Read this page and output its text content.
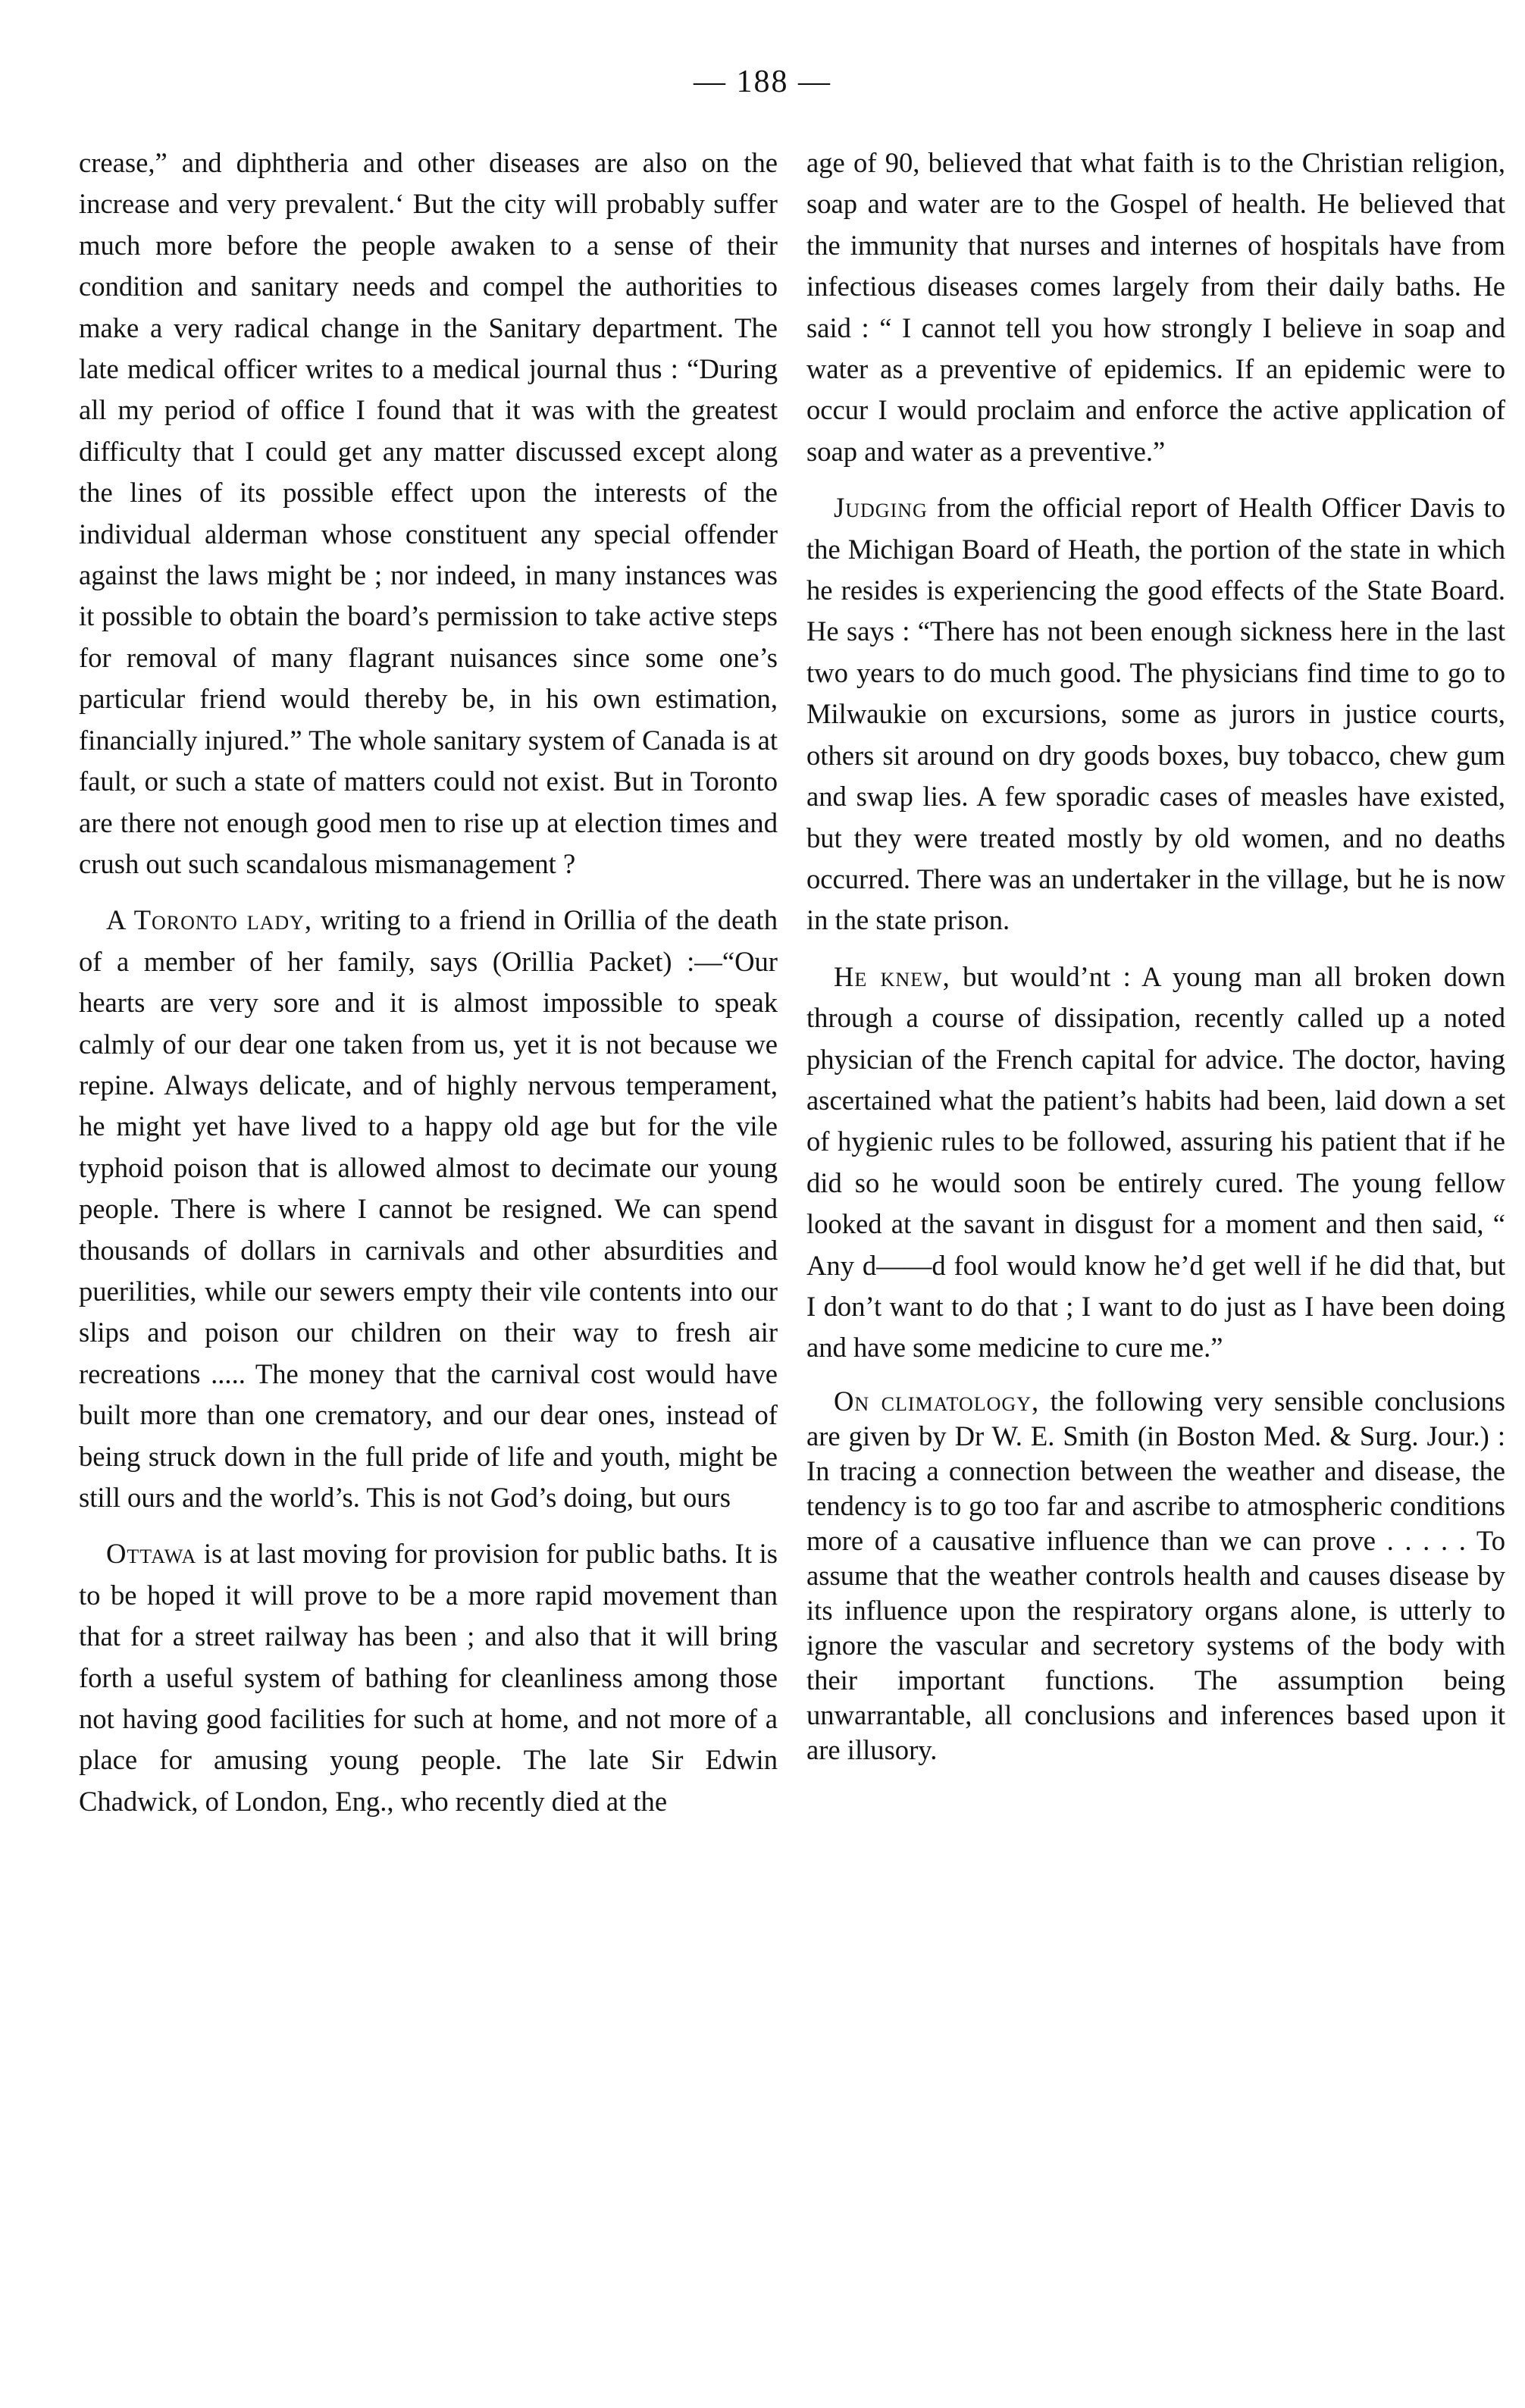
— 188 —

crease,” and diphtheria and other diseases are also on the increase and very prevalent.‘ But the city will probably suffer much more before the people awaken to a sense of their condition and sanitary needs and compel the authorities to make a very radical change in the Sanitary department. The late medical officer writes to a medical journal thus : “During all my period of office I found that it was with the greatest difficulty that I could get any matter discussed except along the lines of its possible effect upon the interests of the individual alderman whose constituent any special offender against the laws might be ; nor indeed, in many instances was it possible to obtain the board’s permission to take active steps for removal of many flagrant nuisances since some one’s particular friend would thereby be, in his own estimation, financially injured.” The whole sanitary system of Canada is at fault, or such a state of matters could not exist. But in Toronto are there not enough good men to rise up at election times and crush out such scandalous mismanagement ?

A Toronto lady, writing to a friend in Orillia of the death of a member of her family, says (Orillia Packet) :—“Our hearts are very sore and it is almost impossible to speak calmly of our dear one taken from us, yet it is not because we repine. Always delicate, and of highly nervous temperament, he might yet have lived to a happy old age but for the vile typhoid poison that is allowed almost to decimate our young people. There is where I cannot be resigned. We can spend thousands of dollars in carnivals and other absurdities and puerilities, while our sewers empty their vile contents into our slips and poison our children on their way to fresh air recreations ..... The money that the carnival cost would have built more than one crematory, and our dear ones, instead of being struck down in the full pride of life and youth, might be still ours and the world’s. This is not God’s doing, but ours

Ottawa is at last moving for provision for public baths. It is to be hoped it will prove to be a more rapid movement than that for a street railway has been ; and also that it will bring forth a useful system of bathing for cleanliness among those not having good facilities for such at home, and not more of a place for amusing young people. The late Sir Edwin Chadwick, of London, Eng., who recently died at the

age of 90, believed that what faith is to the Christian religion, soap and water are to the Gospel of health. He believed that the immunity that nurses and internes of hospitals have from infectious diseases comes largely from their daily baths. He said : “ I cannot tell you how strongly I believe in soap and water as a preventive of epidemics. If an epidemic were to occur I would proclaim and enforce the active application of soap and water as a preventive.”

Judging from the official report of Health Officer Davis to the Michigan Board of Heath, the portion of the state in which he resides is experiencing the good effects of the State Board. He says : “There has not been enough sickness here in the last two years to do much good. The physicians find time to go to Milwaukie on excursions, some as jurors in justice courts, others sit around on dry goods boxes, buy tobacco, chew gum and swap lies. A few sporadic cases of measles have existed, but they were treated mostly by old women, and no deaths occurred. There was an undertaker in the village, but he is now in the state prison.

He knew, but would’nt : A young man all broken down through a course of dissipation, recently called up a noted physician of the French capital for advice. The doctor, having ascertained what the patient’s habits had been, laid down a set of hygienic rules to be followed, assuring his patient that if he did so he would soon be entirely cured. The young fellow looked at the savant in disgust for a moment and then said, “ Any d——d fool would know he’d get well if he did that, but I don’t want to do that ; I want to do just as I have been doing and have some medicine to cure me.”

On climatology, the following very sensible conclusions are given by Dr W. E. Smith (in Boston Med. & Surg. Jour.) : In tracing a connection between the weather and disease, the tendency is to go too far and ascribe to atmospheric conditions more of a causative influence than we can prove . . . . . To assume that the weather controls health and causes disease by its influence upon the respiratory organs alone, is utterly to ignore the vascular and secretory systems of the body with their important functions. The assumption being unwarrantable, all conclusions and inferences based upon it are illusory.
